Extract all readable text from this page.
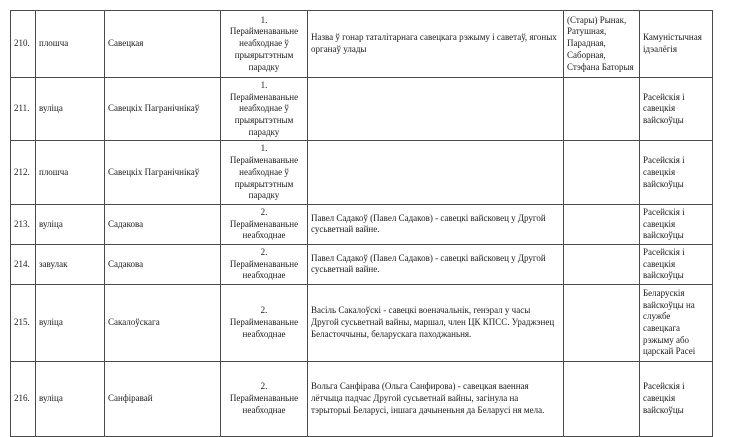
210.	плошча	Савецкая	1.
Перайменаваньне неабходнае ў прыярытэтным парадку	Назва ў гонар таталітарнага савецкага рэжыму і саветаў, ягоных органаў улады	(Стары) Рынак, Ратушная, Парадная, Саборная, Стэфана Баторыя	Камуністычная ідэалёгія
211.	вуліца	Савецкіх Пагранічнікаў	1.
Перайменаваньне неабходнае ў прыярытэтным парадку			Расейскія і савецкія вайскоўцы
212.	плошча	Савецкіх Пагранічнікаў	1.
Перайменаваньне неабходнае ў прыярытэтным парадку			Расейскія і савецкія вайскоўцы
213.	вуліца	Садакова	2.
Перайменаваньне неабходнае	Павел Садакоў (Павел Садаков) - савецкі вайсковец у Другой сусьветнай вайне.		Расейскія і савецкія вайскоўцы
214.	завулак	Садакова	2.
Перайменаваньне неабходнае	Павел Садакоў (Павел Садаков) - савецкі вайсковец у Другой сусьветнай вайне.		Расейскія і савецкія вайскоўцы
215.	вуліца	Сакалоўскага	2.
Перайменаваньне неабходнае	Васіль Сакалоўскі - савецкі военачальнік, генэрал у часы Другой сусьветнай вайны, маршал, член ЦК КПСС. Ураджэнец Беласточчыны, беларускага паходжаньня.		Беларускія вайскоўцы на службе савецкага рэжыму або царскай Расеі
216.	вуліца	Санфіравай	2.
Перайменаваньне неабходнае	Вольга Санфірава (Ольга Санфирова) - савецкая ваенная лётчыца падчас Другой сусьветнай вайны, загінула на тэрыторыі Беларусі, іншага дачыненьня да Беларусі ня мела.		Расейскія і савецкія вайскоўцы
